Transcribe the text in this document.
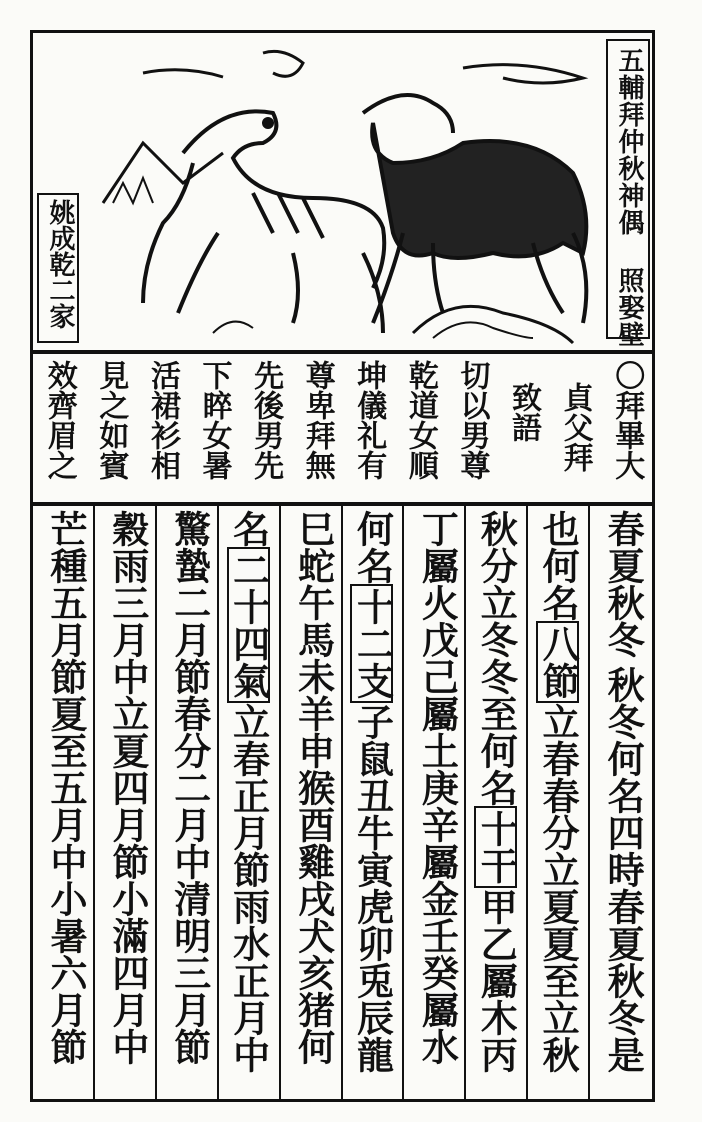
五輔拜仲秋神偶 照娶壁
姚成乾二家
〇拜畢大
貞父拜
致語
切以男尊
乾道女順
坤儀礼有
尊卑拜無
先後男先
下睟女暑
活裙衫相
見之如賓
效齊眉之
春夏秋冬
也何名八節立春春分立夏夏至立秋
秋分立冬冬至何名十干甲乙屬木丙
丁屬火戊己屬土庚辛屬金壬癸屬水
何名十二支子鼠丑牛寅虎卯兎辰龍
巳蛇午馬未羊申猴酉雞戌犬亥猪何
名二十四氣立春正月節雨水正月中
驚蟄二月節春分二月中清明三月節
穀雨三月中立夏四月節小滿四月中
芒種五月節夏至五月中小暑六月節	秋冬何名四時春夏秋冬是
